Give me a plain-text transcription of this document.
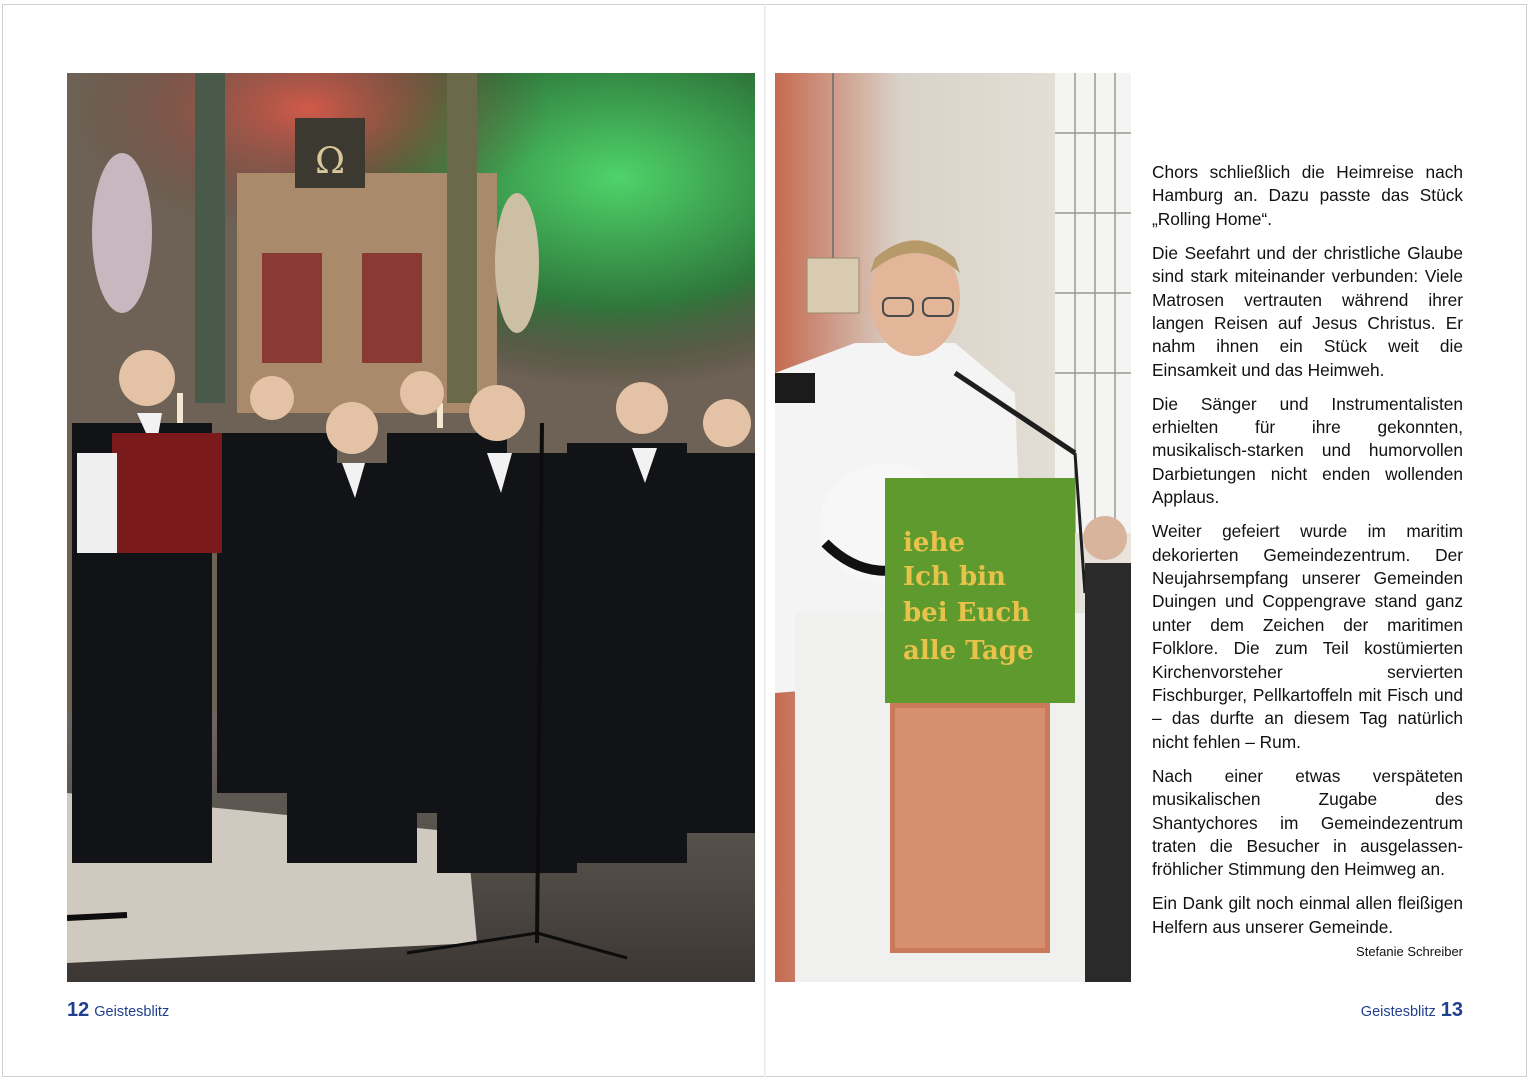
Ω
iehe
Ich bin
bei Euch
alle Tage

Chors schließlich die Heimreise nach Hamburg an. Dazu passte das Stück „Rolling Home“.

Die Seefahrt und der christliche Glaube sind stark miteinander verbunden: Viele Matrosen vertrauten während ihrer langen Reisen auf Jesus Christus. Er nahm ihnen ein Stück weit die Einsamkeit und das Heimweh.

Die Sänger und Instrumentalisten erhielten für ihre gekonnten, musikalisch-starken und humorvollen Darbietungen nicht enden wollenden Applaus.

Weiter gefeiert wurde im maritim dekorierten Gemeindezentrum. Der Neujahrsempfang unserer Gemeinden Duingen und Coppengrave stand ganz unter dem Zeichen der maritimen Folklore. Die zum Teil kostümierten Kirchenvorsteher servierten Fischburger, Pellkartoffeln mit Fisch und – das durfte an diesem Tag natürlich nicht fehlen – Rum.

Nach einer etwas verspäteten musikalischen Zugabe des Shantychores im Gemeindezentrum traten die Besucher in ausgelassen-fröhlicher Stimmung den Heimweg an.

Ein Dank gilt noch einmal allen fleißigen Helfern aus unserer Gemeinde.
Stefanie Schreiber

12 Geistesblitz	Geistesblitz 13
